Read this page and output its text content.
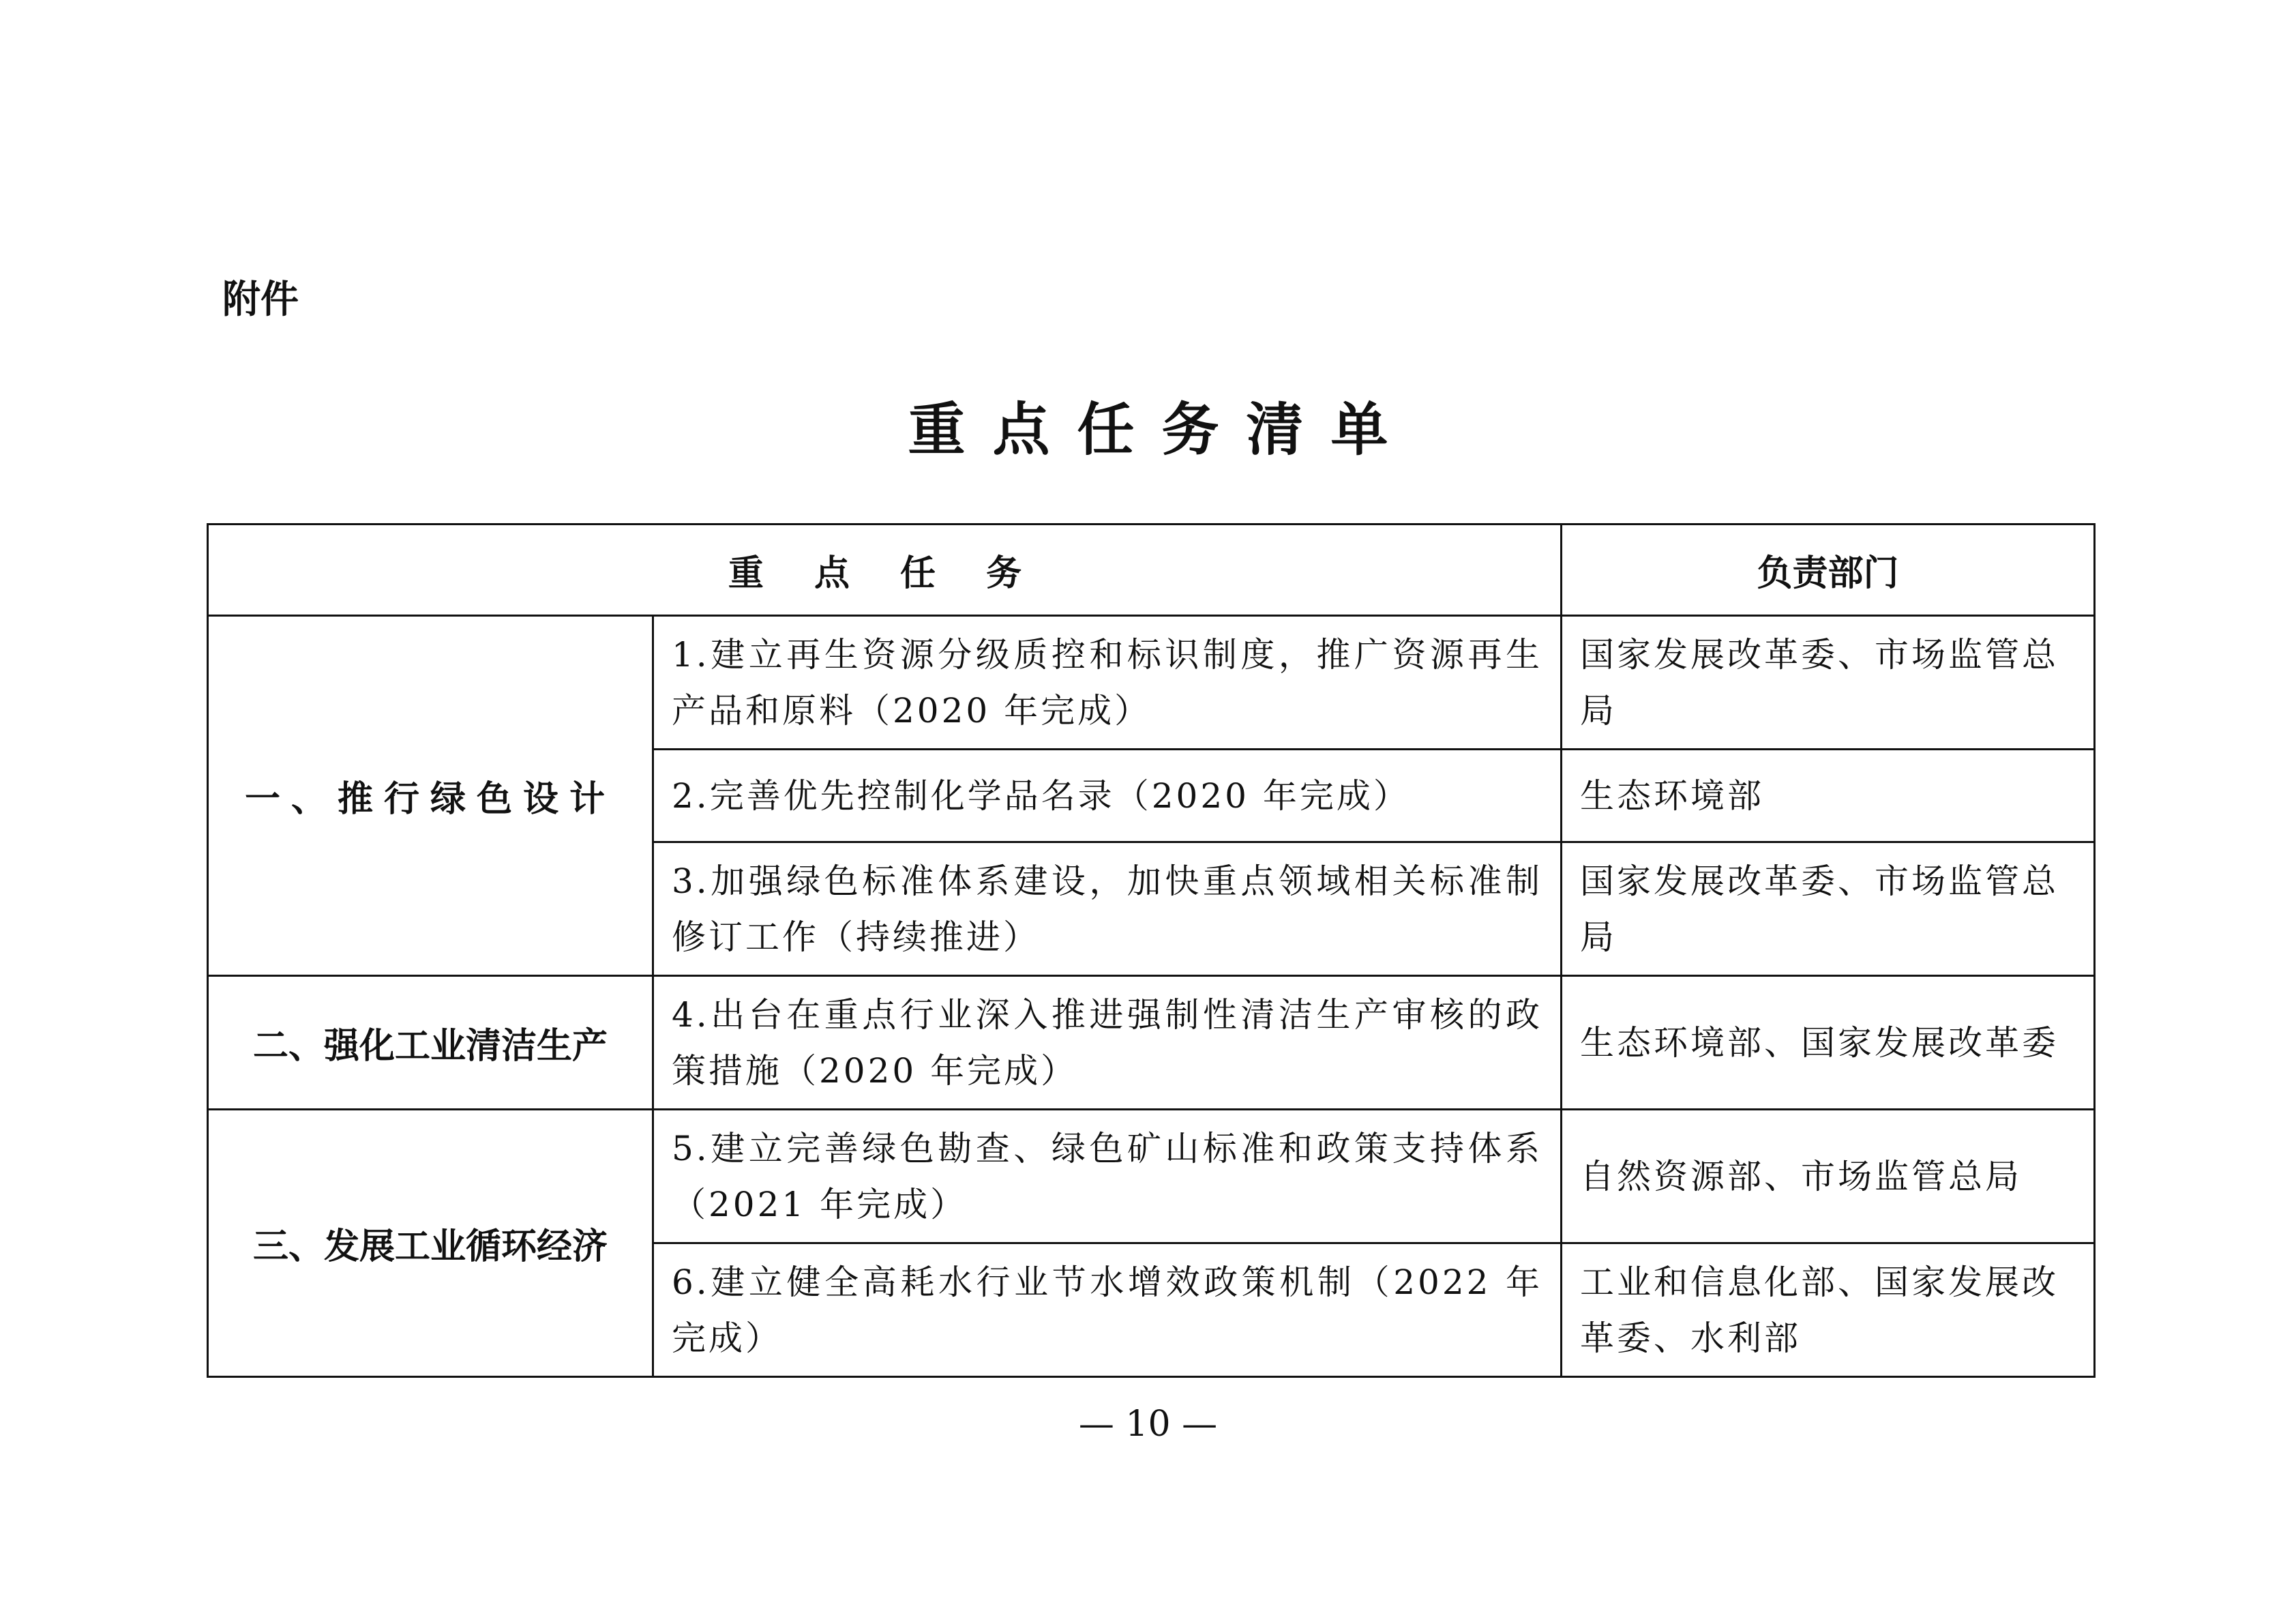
附件
重点任务清单
重 点 任 务		负责部门
一、推行绿色设计	1.建立再生资源分级质控和标识制度，推广资源再生产品和原料（2020 年完成）	国家发展改革委、市场监管总局
	2.完善优先控制化学品名录（2020 年完成）	生态环境部
	3.加强绿色标准体系建设，加快重点领域相关标准制修订工作（持续推进）	国家发展改革委、市场监管总局
二、强化工业清洁生产	4.出台在重点行业深入推进强制性清洁生产审核的政策措施（2020 年完成）	生态环境部、国家发展改革委
三、发展工业循环经济	5.建立完善绿色勘查、绿色矿山标准和政策支持体系（2021 年完成）	自然资源部、市场监管总局
	6.建立健全高耗水行业节水增效政策机制（2022 年完成）	工业和信息化部、国家发展改革委、水利部
— 10 —
